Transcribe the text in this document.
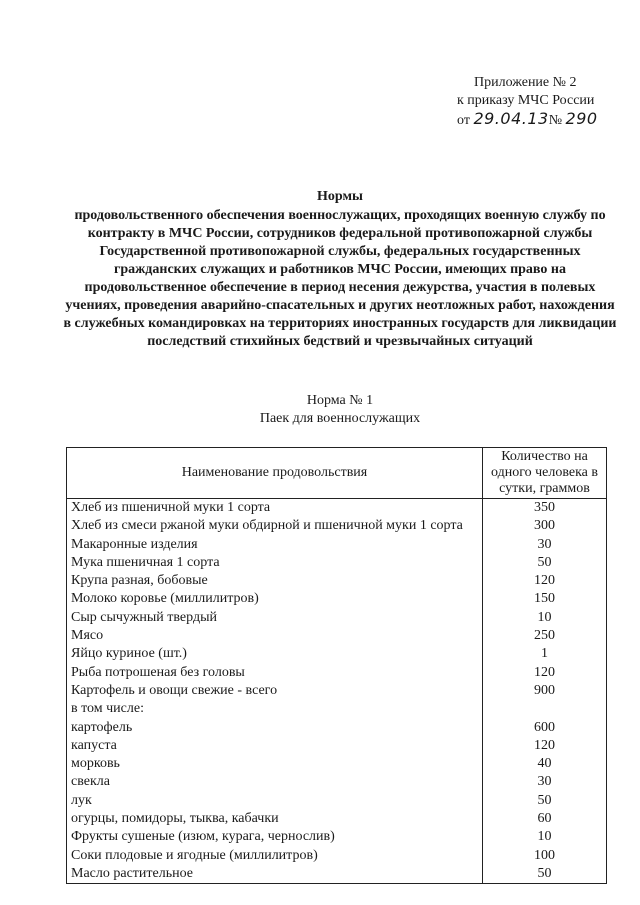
Приложение № 2
к приказу МЧС России
от 29.04.13№ 290
Нормы
продовольственного обеспечения военнослужащих, проходящих военную службу по контракту в МЧС России, сотрудников федеральной противопожарной службы Государственной противопожарной службы, федеральных государственных гражданских служащих и работников МЧС России, имеющих право на продовольственное обеспечение в период несения дежурства, участия в полевых учениях, проведения аварийно-спасательных и других неотложных работ, нахождения в служебных командировках на территориях иностранных государств для ликвидации последствий стихийных бедствий и чрезвычайных ситуаций
Норма № 1
Паек для военнослужащих
Наименование продовольствия	Количество на одного человека в сутки, граммов
Хлеб из пшеничной муки 1 сорта	350
Хлеб из смеси ржаной муки обдирной и пшеничной муки 1 сорта	300
Макаронные изделия	30
Мука пшеничная 1 сорта	50
Крупа разная, бобовые	120
Молоко коровье (миллилитров)	150
Сыр сычужный твердый	10
Мясо	250
Яйцо куриное (шт.)	1
Рыба потрошеная без головы	120
Картофель и овощи свежие - всего	900
в том числе:	
картофель	600
капуста	120
морковь	40
свекла	30
лук	50
огурцы, помидоры, тыква, кабачки	60
Фрукты сушеные (изюм, курага, чернослив)	10
Соки плодовые и ягодные (миллилитров)	100
Масло растительное	50
